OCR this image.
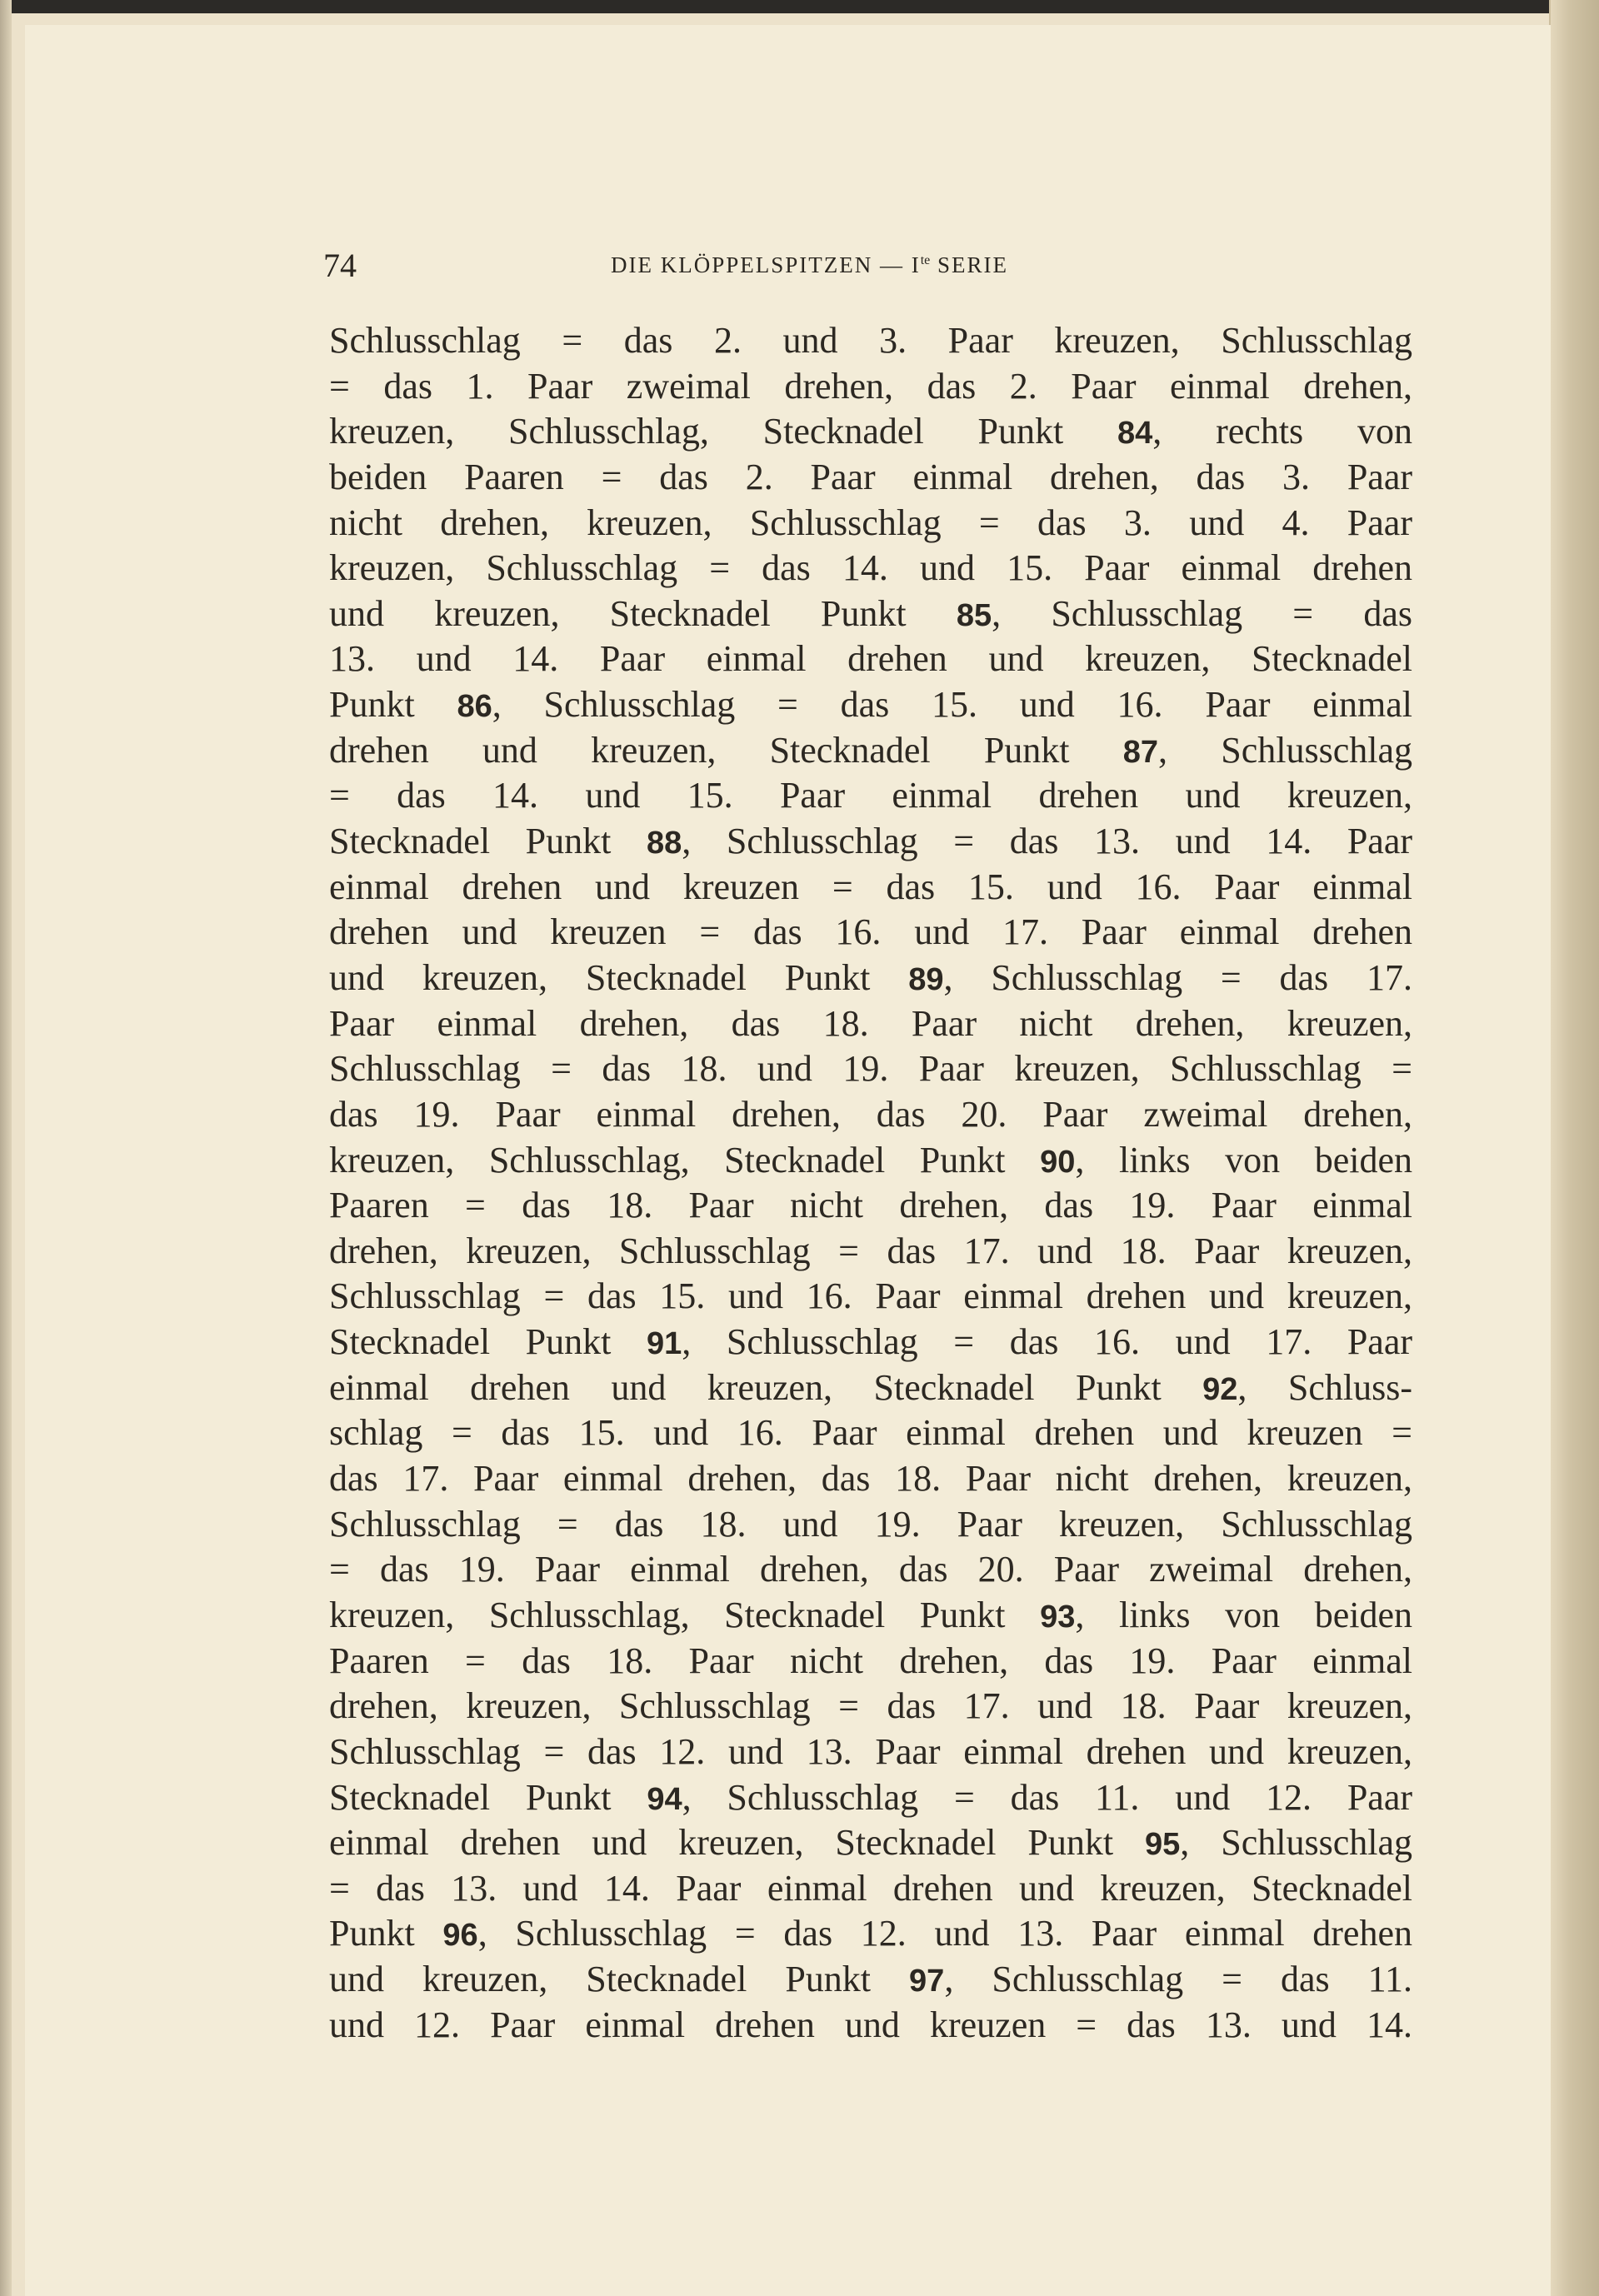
74	DIE KLÖPPELSPITZEN — $I^{te}$ SERIE
Schlusschlag = das 2. und 3. Paar kreuzen, Schlusschlag
= das 1. Paar zweimal drehen, das 2. Paar einmal drehen,
kreuzen, Schlusschlag, Stecknadel Punkt 84, rechts von
beiden Paaren = das 2. Paar einmal drehen, das 3. Paar
nicht drehen, kreuzen, Schlusschlag = das 3. und 4. Paar
kreuzen, Schlusschlag = das 14. und 15. Paar einmal drehen
und kreuzen, Stecknadel Punkt 85, Schlusschlag = das
13. und 14. Paar einmal drehen und kreuzen, Stecknadel
Punkt 86, Schlusschlag = das 15. und 16. Paar einmal
drehen und kreuzen, Stecknadel Punkt 87, Schlusschlag
= das 14. und 15. Paar einmal drehen und kreuzen,
Stecknadel Punkt 88, Schlusschlag = das 13. und 14. Paar
einmal drehen und kreuzen = das 15. und 16. Paar einmal
drehen und kreuzen = das 16. und 17. Paar einmal drehen
und kreuzen, Stecknadel Punkt 89, Schlusschlag = das 17.
Paar einmal drehen, das 18. Paar nicht drehen, kreuzen,
Schlusschlag = das 18. und 19. Paar kreuzen, Schlusschlag =
das 19. Paar einmal drehen, das 20. Paar zweimal drehen,
kreuzen, Schlusschlag, Stecknadel Punkt 90, links von beiden
Paaren = das 18. Paar nicht drehen, das 19. Paar einmal
drehen, kreuzen, Schlusschlag = das 17. und 18. Paar kreuzen,
Schlusschlag = das 15. und 16. Paar einmal drehen und kreuzen,
Stecknadel Punkt 91, Schlusschlag = das 16. und 17. Paar
einmal drehen und kreuzen, Stecknadel Punkt 92, Schluss-
schlag = das 15. und 16. Paar einmal drehen und kreuzen =
das 17. Paar einmal drehen, das 18. Paar nicht drehen, kreuzen,
Schlusschlag = das 18. und 19. Paar kreuzen, Schlusschlag
= das 19. Paar einmal drehen, das 20. Paar zweimal drehen,
kreuzen, Schlusschlag, Stecknadel Punkt 93, links von beiden
Paaren = das 18. Paar nicht drehen, das 19. Paar einmal
drehen, kreuzen, Schlusschlag = das 17. und 18. Paar kreuzen,
Schlusschlag = das 12. und 13. Paar einmal drehen und kreuzen,
Stecknadel Punkt 94, Schlusschlag = das 11. und 12. Paar
einmal drehen und kreuzen, Stecknadel Punkt 95, Schlusschlag
= das 13. und 14. Paar einmal drehen und kreuzen, Stecknadel
Punkt 96, Schlusschlag = das 12. und 13. Paar einmal drehen
und kreuzen, Stecknadel Punkt 97, Schlusschlag = das 11.
und 12. Paar einmal drehen und kreuzen = das 13. und 14.
